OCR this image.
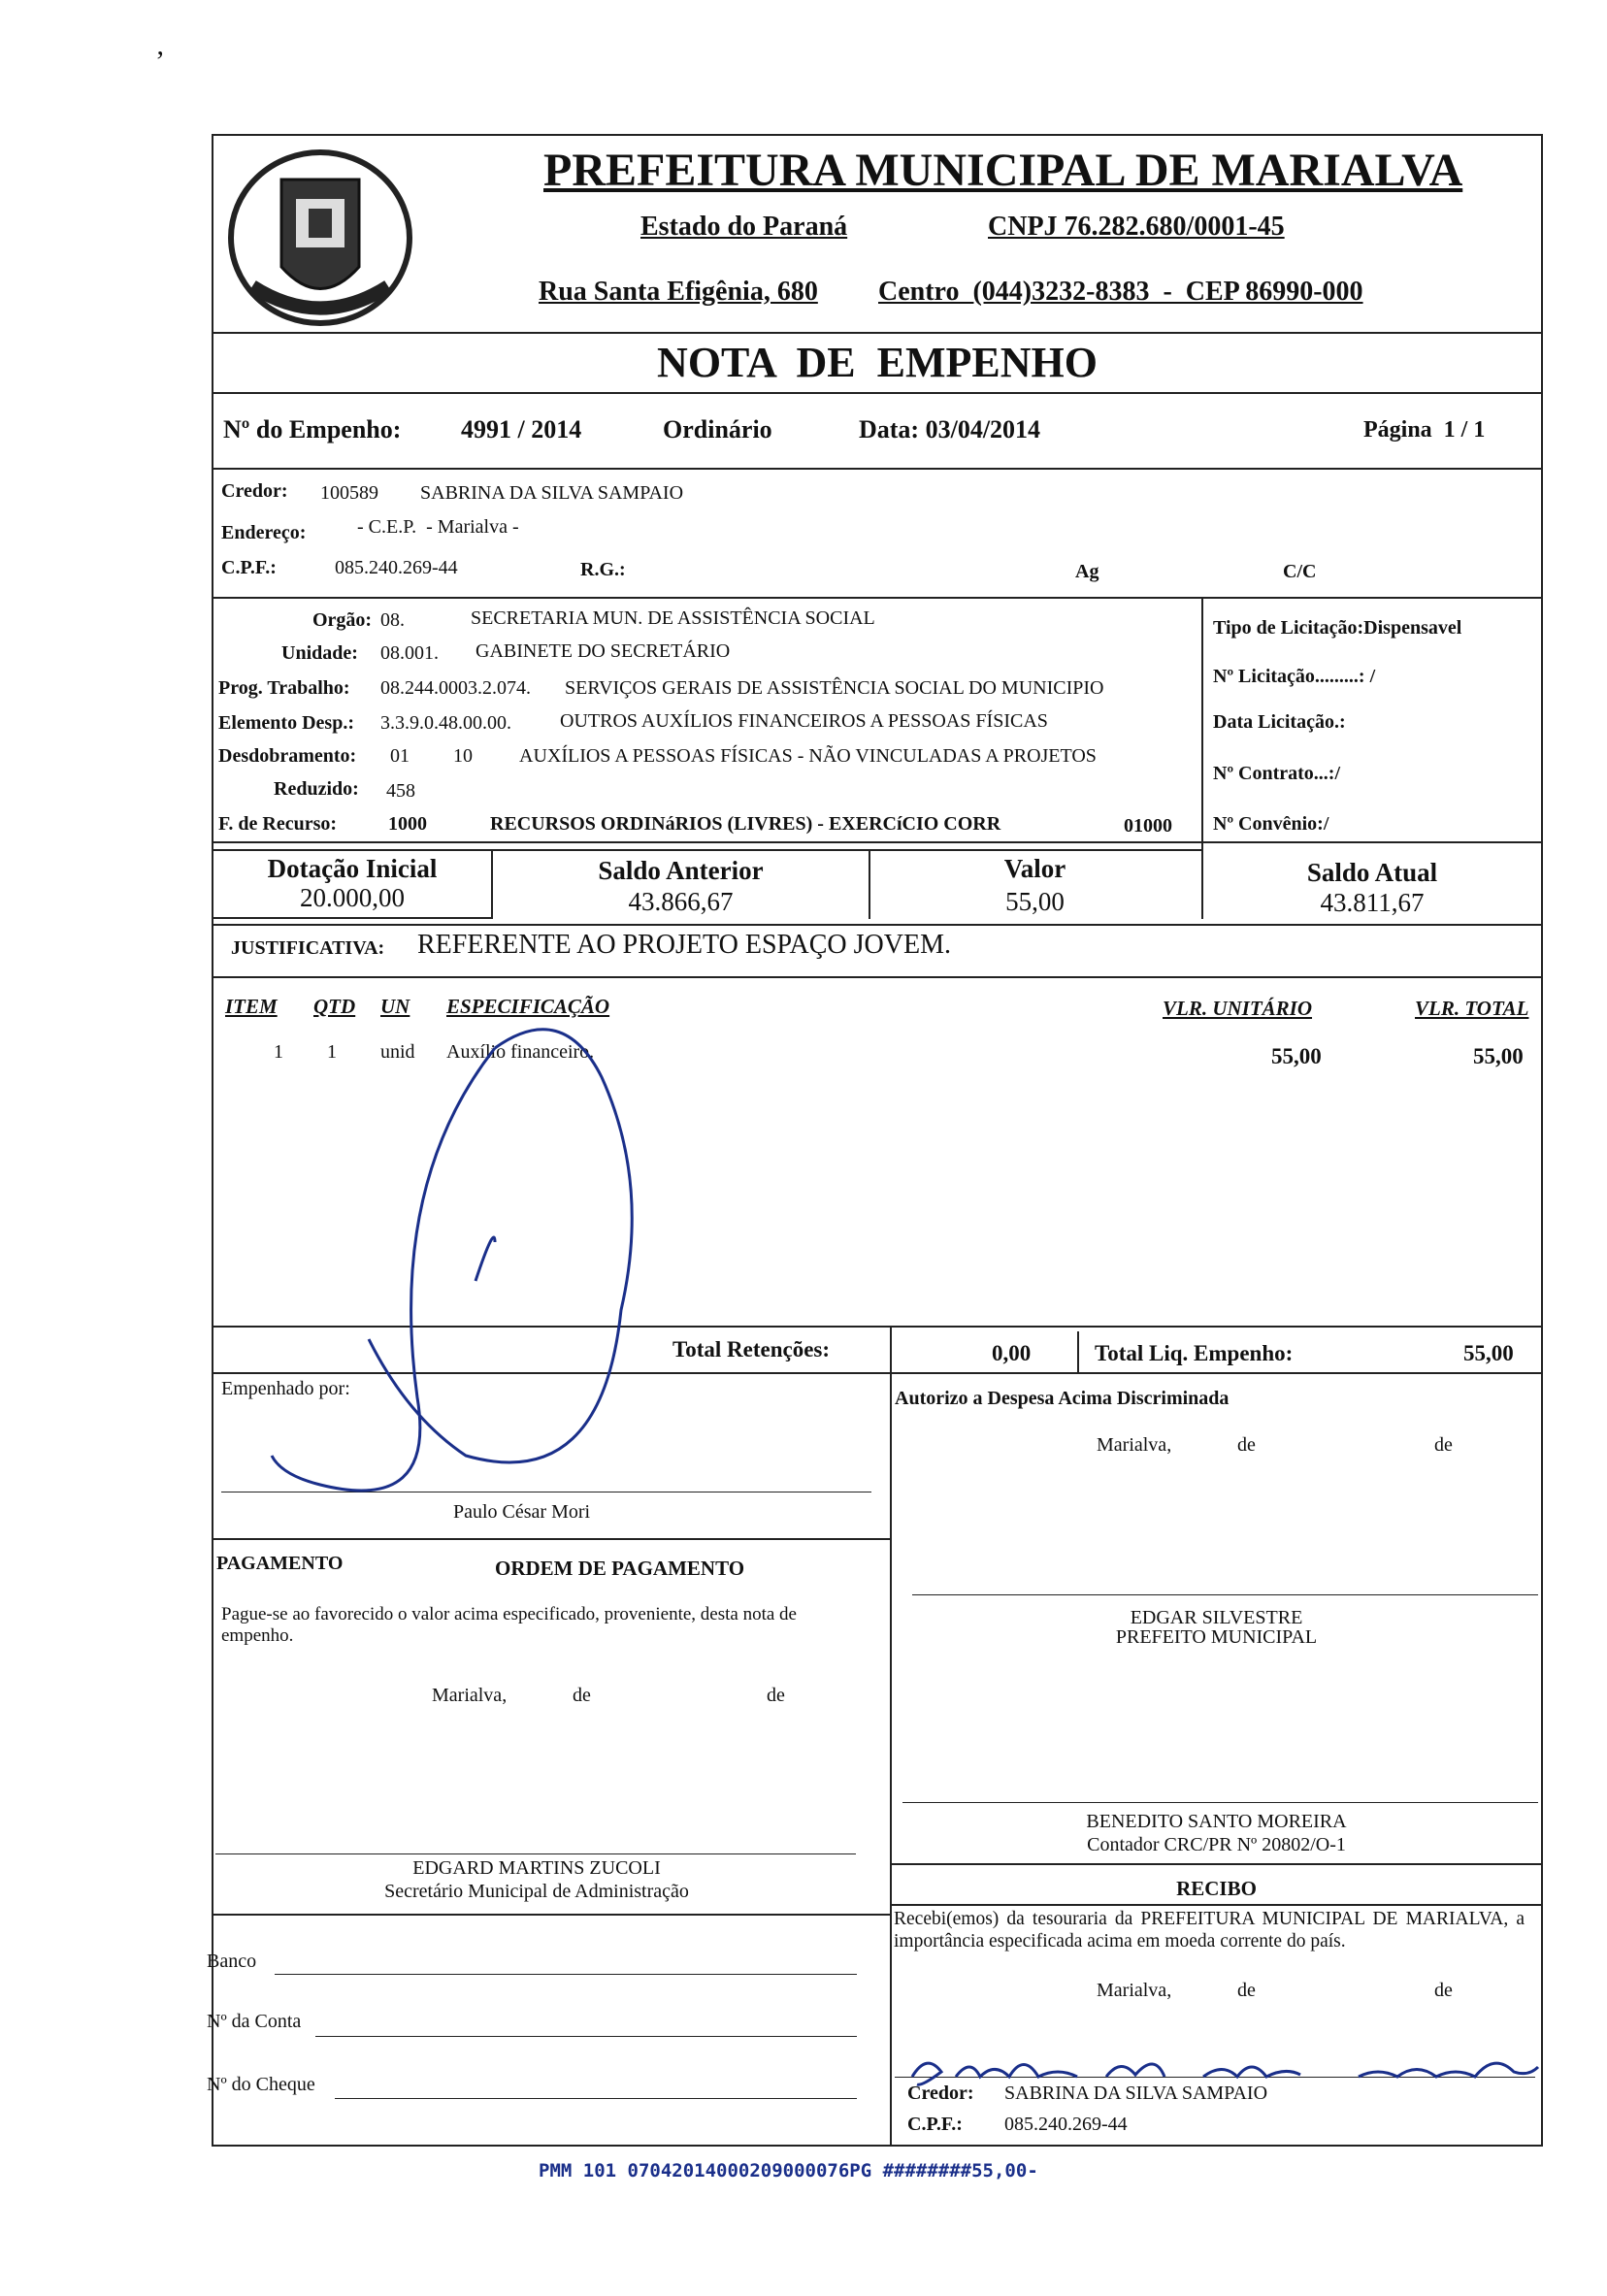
‚
PREFEITURA MUNICIPAL DE MARIALVA
Estado do Paraná	CNPJ 76.282.680/0001-45
Rua Santa Efigênia, 680 Centro  (044)3232-8383  -  CEP 86990-000
NOTA  DE  EMPENHO
Nº do Empenho: 4991 / 2014	Ordinário	Data: 03/04/2014	Página  1 / 1
Credor: 100589 SABRINA DA SILVA SAMPAIO
Endereço:	- C.E.P.  - Marialva -
C.P.F.:	085.240.269-44	R.G.:	Ag	C/C
Orgão: 08.	SECRETARIA MUN. DE ASSISTÊNCIA SOCIAL
Unidade: 08.001. GABINETE DO SECRETÁRIO
Prog. Trabalho: 08.244.0003.2.074. SERVIÇOS GERAIS DE ASSISTÊNCIA SOCIAL DO MUNICIPIO
Elemento Desp.: 3.3.9.0.48.00.00.	OUTROS AUXÍLIOS FINANCEIROS A PESSOAS FÍSICAS
Desdobramento: 01 10 AUXÍLIOS A PESSOAS FÍSICAS - NÃO VINCULADAS A PROJETOS
Reduzido: 458
F. de Recurso:	1000	RECURSOS ORDINáRIOS (LIVRES) - EXERCíCIO CORR	01000
Tipo de Licitação:Dispensavel
Nº Licitação.........: /
Data Licitação.:
Nº Contrato...:/
Nº Convênio:/
Dotação Inicial
20.000,00
Saldo Anterior
43.866,67
Valor
55,00
Saldo Atual
43.811,67
JUSTIFICATIVA: REFERENTE AO PROJETO ESPAÇO JOVEM.
ITEM QTD UN ESPECIFICAÇÃO	VLR. UNITÁRIO	VLR. TOTAL
1 1 unid Auxílio financeiro.	55,00	55,00
Total Retenções:	0,00	Total Liq. Empenho:	55,00
Empenhado por:
Paulo César Mori
PAGAMENTO	ORDEM DE PAGAMENTO
Pague-se ao favorecido o valor acima especificado, proveniente, desta nota de empenho.
Marialva,	de	de
EDGARD MARTINS ZUCOLI
Secretário Municipal de Administração
Banco
Nº da Conta
Nº do Cheque
Autorizo a Despesa Acima Discriminada
Marialva,	de	de
EDGAR SILVESTRE
PREFEITO MUNICIPAL
BENEDITO SANTO MOREIRA
Contador CRC/PR Nº 20802/O-1
RECIBO
Recebi(emos) da tesouraria da PREFEITURA MUNICIPAL DE MARIALVA, a importância especificada acima em moeda corrente do país.
Marialva,	de	de
Credor: SABRINA DA SILVA SAMPAIO
C.P.F.: 085.240.269-44
PMM 101 07042014000209000076PG ########55,00-
